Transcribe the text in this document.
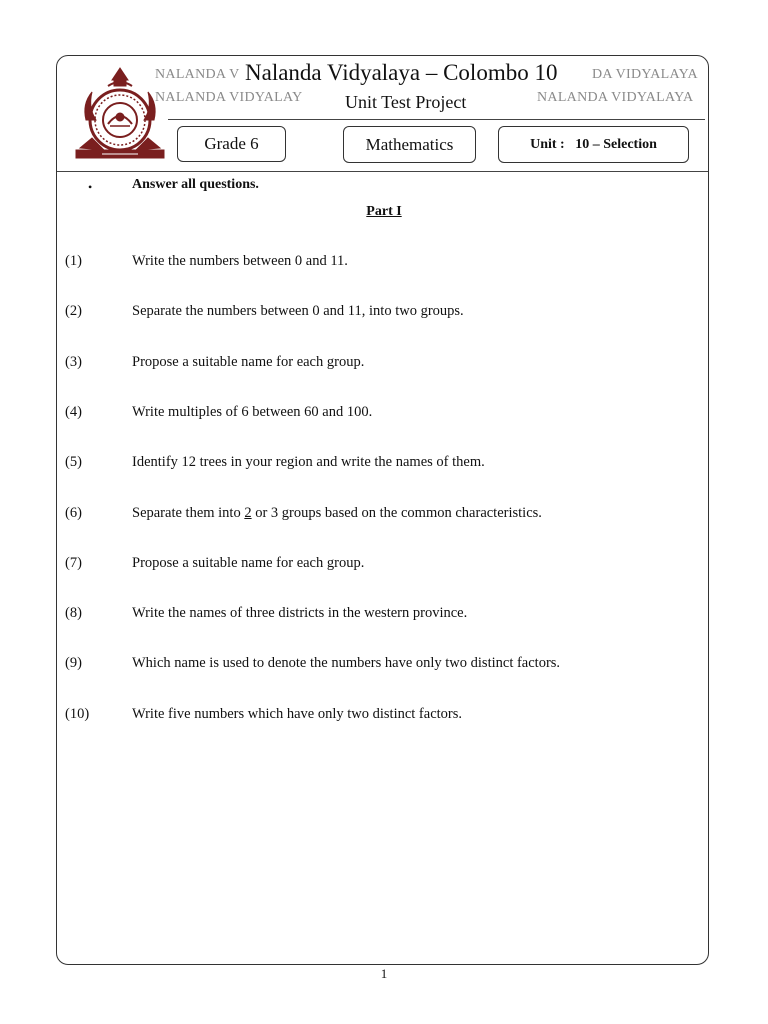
NALANDA V
NALANDA VIDYALAY
DA VIDYALAYA
NALANDA VIDYALAYA
Nalanda Vidyalaya – Colombo 10
Unit Test Project
Grade 6	Mathematics	Unit :
10 – Selection
•	Answer all questions.
Part I
(1)	Write the numbers between 0 and 11.
(2)	Separate the numbers between 0 and 11, into two groups.
(3)	Propose a suitable name for each group.
(4)	Write multiples of 6 between 60 and 100.
(5)	Identify 12 trees in your region and write the names of them.
(6)	Separate them into 2 or 3 groups based on the common characteristics.
(7)	Propose a suitable name for each group.
(8)	Write the names of three districts in the western province.
(9)	Which name is used to denote the numbers have only two distinct factors.
(10)	Write five numbers which have only two distinct factors.
1
